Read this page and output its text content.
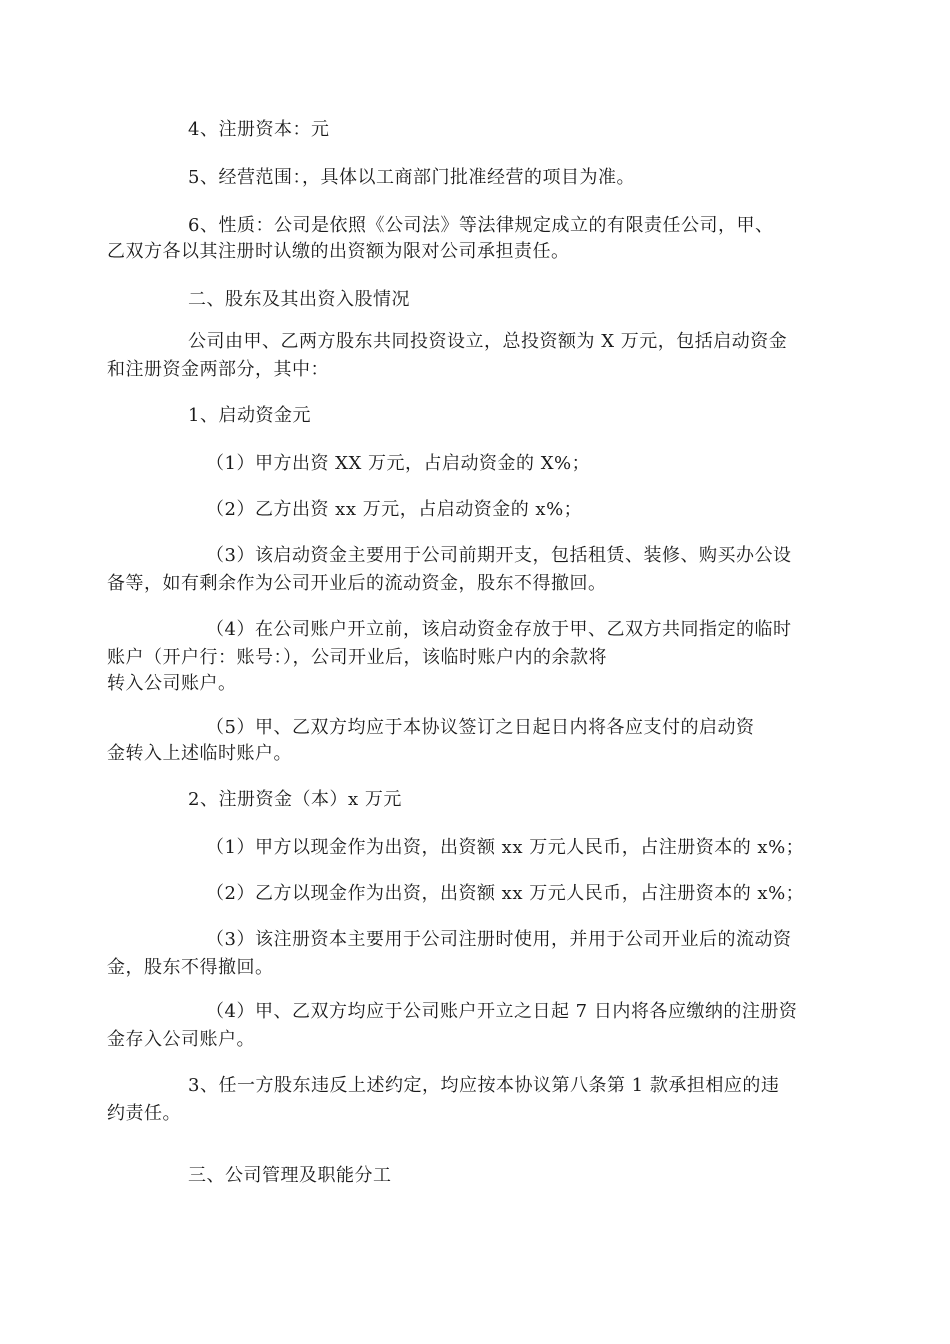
4、注册资本：元
5、经营范围：，具体以工商部门批准经营的项目为准。
6、性质：公司是依照《公司法》等法律规定成立的有限责任公司，甲、
乙双方各以其注册时认缴的出资额为限对公司承担责任。
二、股东及其出资入股情况
公司由甲、乙两方股东共同投资设立，总投资额为 X 万元，包括启动资金
和注册资金两部分，其中：
1、启动资金元
（1）甲方出资 XX 万元，占启动资金的 X%；
（2）乙方出资 xx 万元，占启动资金的 x%；
（3）该启动资金主要用于公司前期开支，包括租赁、装修、购买办公设
备等，如有剩余作为公司开业后的流动资金，股东不得撤回。
（4）在公司账户开立前，该启动资金存放于甲、乙双方共同指定的临时
账户（开户行：账号：），公司开业后，该临时账户内的余款将
转入公司账户。
（5）甲、乙双方均应于本协议签订之日起日内将各应支付的启动资
金转入上述临时账户。
2、注册资金（本）x 万元
（1）甲方以现金作为出资，出资额 xx 万元人民币，占注册资本的 x%；
（2）乙方以现金作为出资，出资额 xx 万元人民币，占注册资本的 x%；
（3）该注册资本主要用于公司注册时使用，并用于公司开业后的流动资
金，股东不得撤回。
（4）甲、乙双方均应于公司账户开立之日起 7 日内将各应缴纳的注册资
金存入公司账户。
3、任一方股东违反上述约定，均应按本协议第八条第 1 款承担相应的违
约责任。
三、公司管理及职能分工
